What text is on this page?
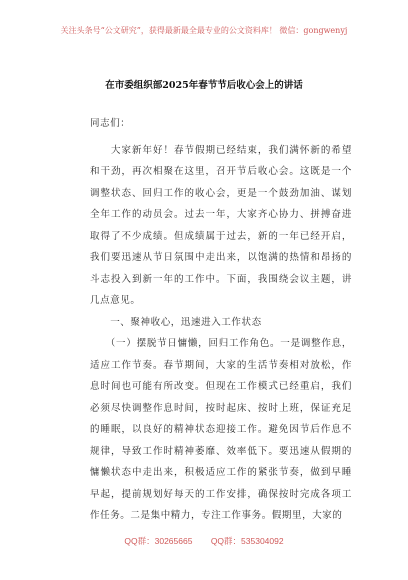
关注头条号“公文研究”，获得最新最全最专业的公文资料库！ 微信：gongwenyj
在市委组织部2025年春节节后收心会上的讲话

同志们：

　　大家新年好！春节假期已经结束，我们满怀新的希望和干劲，再次相聚在这里，召开节后收心会。这既是一个调整状态、回归工作的收心会，更是一个鼓劲加油、谋划全年工作的动员会。过去一年，大家齐心协力、拼搏奋进取得了不少成绩。但成绩属于过去，新的一年已经开启，我们要迅速从节日氛围中走出来，以饱满的热情和昂扬的斗志投入到新一年的工作中。下面，我围绕会议主题，讲几点意见。

　　一、聚神收心，迅速进入工作状态

　　（一）摆脱节日慵懒，回归工作角色。一是调整作息，适应工作节奏。春节期间，大家的生活节奏相对放松，作息时间也可能有所改变。但现在工作模式已经重启，我们必须尽快调整作息时间，按时起床、按时上班，保证充足的睡眠，以良好的精神状态迎接工作。避免因节后作息不规律，导致工作时精神萎靡、效率低下。要迅速从假期的慵懒状态中走出来，积极适应工作的紧张节奏，做到早睡早起，提前规划好每天的工作安排，确保按时完成各项工作任务。二是集中精力，专注工作事务。假期里，大家的

QQ群：30265665 QQ群：535304092
